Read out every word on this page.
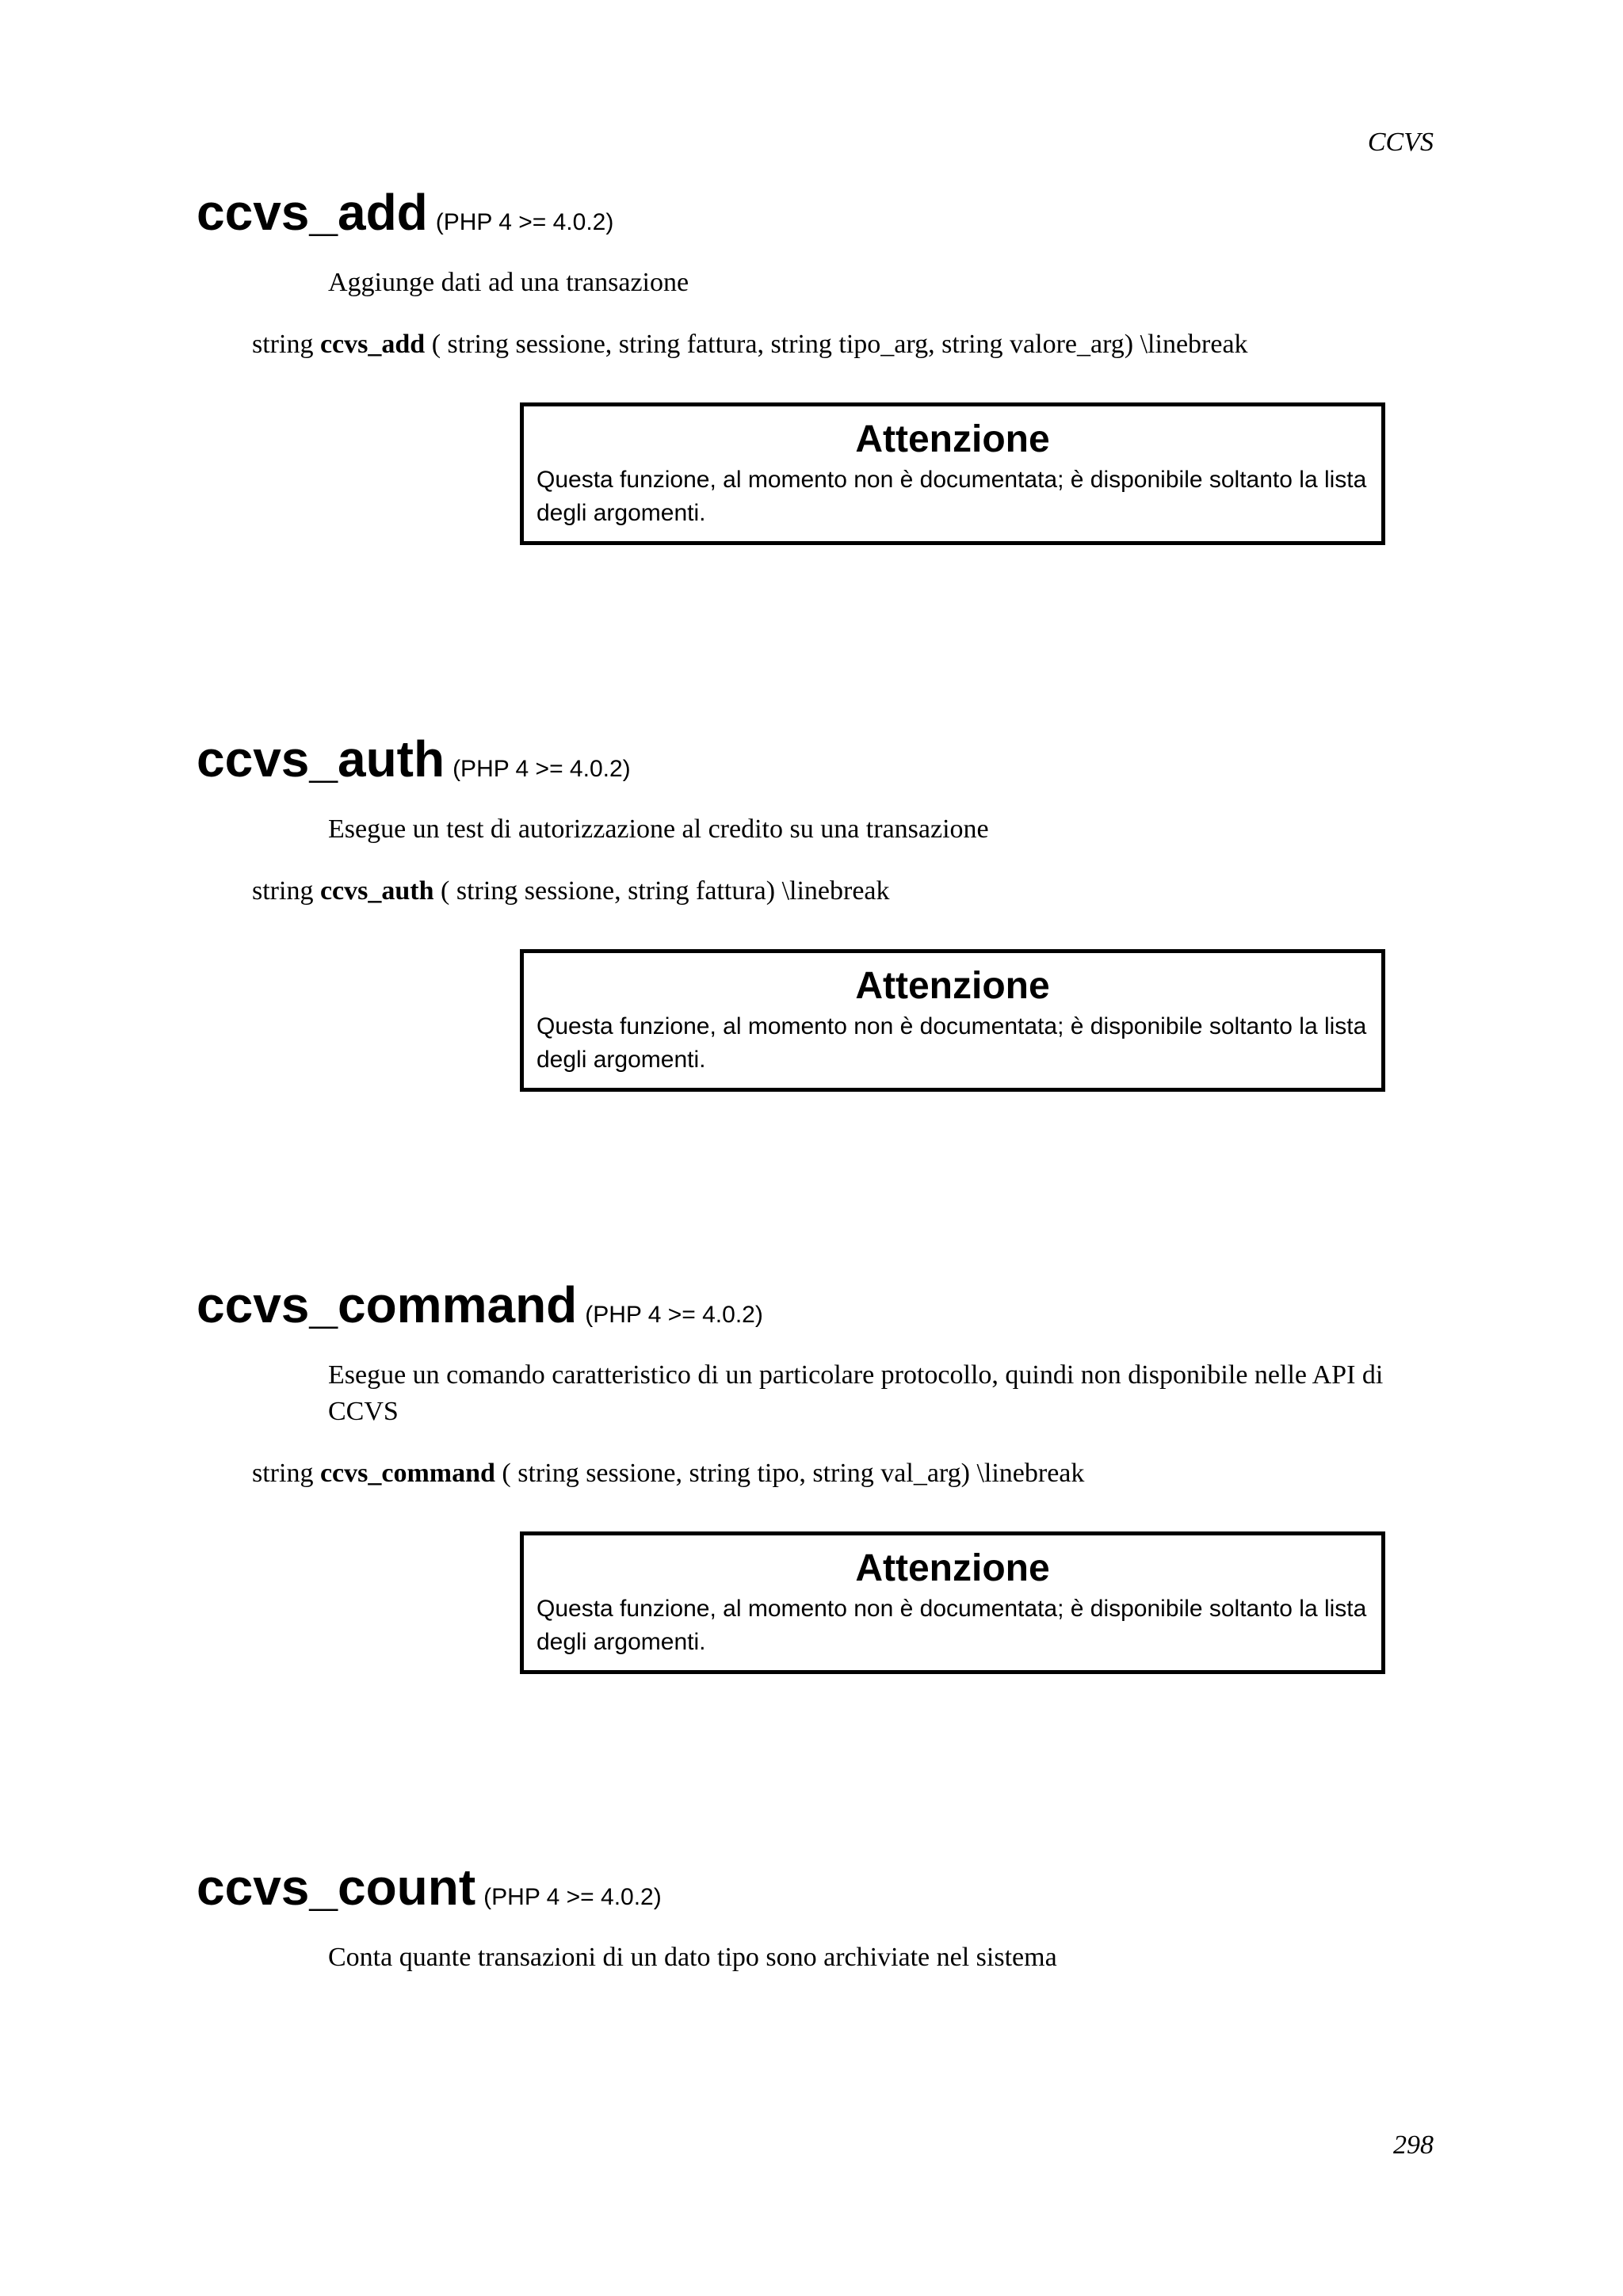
CCVS
ccvs_add (PHP 4 >= 4.0.2)
Aggiunge dati ad una transazione
string ccvs_add ( string sessione, string fattura, string tipo_arg, string valore_arg) \linebreak
Attenzione
Questa funzione, al momento non è documentata; è disponibile soltanto la lista degli argomenti.
ccvs_auth (PHP 4 >= 4.0.2)
Esegue un test di autorizzazione al credito su una transazione
string ccvs_auth ( string sessione, string fattura) \linebreak
Attenzione
Questa funzione, al momento non è documentata; è disponibile soltanto la lista degli argomenti.
ccvs_command (PHP 4 >= 4.0.2)
Esegue un comando caratteristico di un particolare protocollo, quindi non disponibile nelle API di CCVS
string ccvs_command ( string sessione, string tipo, string val_arg) \linebreak
Attenzione
Questa funzione, al momento non è documentata; è disponibile soltanto la lista degli argomenti.
ccvs_count (PHP 4 >= 4.0.2)
Conta quante transazioni di un dato tipo sono archiviate nel sistema
298
